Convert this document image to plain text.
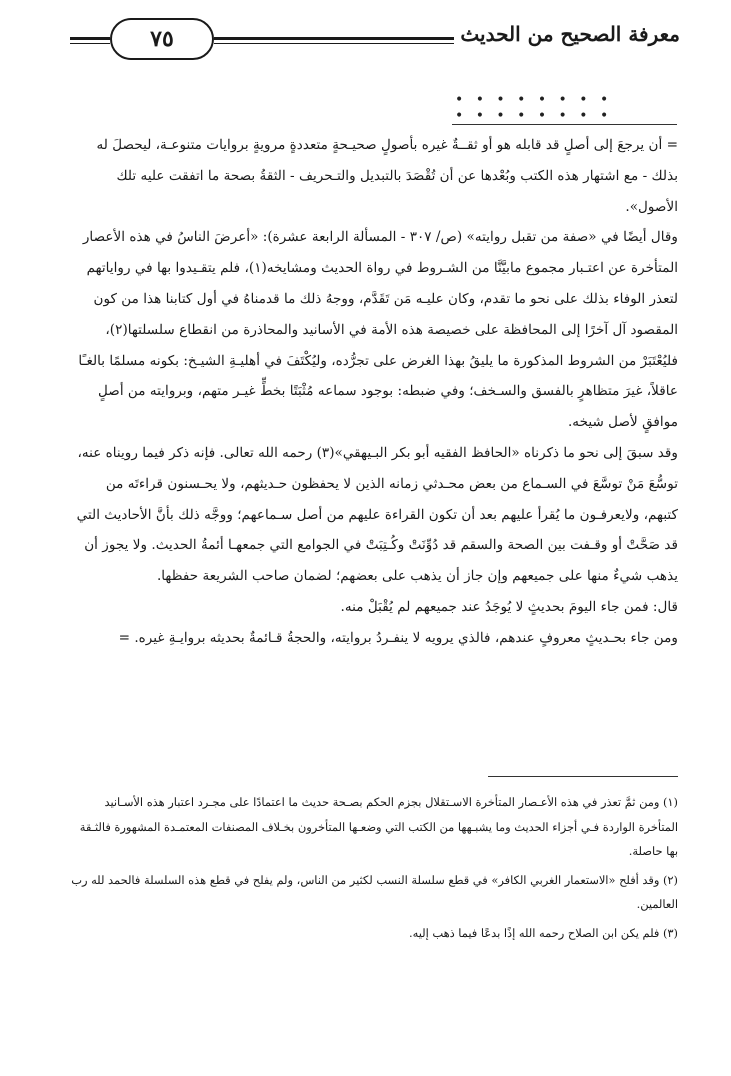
٧٥	معرفة الصحيح من الحديث
• • • • • • • • • • • • • • • •

= أن يرجعَ إلى أصلٍ قد قابله هو أو ثقــةٌ غيره بأصولٍ صحيـحةٍ متعددةٍ مرويةٍ بروايات متنوعـة، ليحصلَ له بذلك - مع اشتهار هذه الكتب وبُعْدها عن أن تُقْصَدَ بالتبديل والتـحريف - الثقةُ بصحة ما اتفقت عليه تلك الأصول».

وقال أيضًا في «صفة من تقبل روايته» (ص/ ٣٠٧ - المسألة الرابعة عشرة): «أعرضَ الناسُ في هذه الأعصار المتأخرة عن اعتـبار مجموع مابيَّنَّا من الشـروط في رواة الحديث ومشايخه(١)، فلم يتقـيدوا بها في رواياتهم لتعذر الوفاء بذلك على نحو ما تقدم، وكان عليـه مَن تَقَدَّم، ووجهُ ذلك ما قدمناهُ في أول كتابنا هذا من كون المقصود آل آخرًا إلى المحافظة على خصيصة هذه الأمة في الأسانيد والمحاذرة من انقطاع سلسلتها(٢)، فليُعْتَبَرْ من الشروط المذكورة ما يليقُ بهذا الغرض على تجرُّده، وليُكْتَفَ في أهليـةِ الشيـخ: بكونه مسلمًا بالغـًا عاقلاً، غيرَ متظاهرٍ بالفسق والسـخف؛ وفي ضبطه: بوجود سماعه مُثْبَتًا بخطٍّ غيـر متهم، وبروايته من أصلٍ موافقٍ لأصل شيخه.

وقد سبقَ إلى نحو ما ذكرناه «الحافظ الفقيه أبو بكر البـيهقي»(٣) رحمه الله تعالى. فإنه ذكر فيما رويناه عنه، توسُّعَ مَنْ توسَّعَ في السـماع من بعض محـدثي زمانه الذين لا يحفظون حـديثهم، ولا يحـسنون قراءتَه من كتبهم، ولايعرفـون ما يُقرأ عليهم بعد أن تكون القراءة عليهم من أصل سـماعهم؛ ووجَّه ذلك بأنَّ الأحاديث التي قد صَحَّتْ أو وقـفت بين الصحة والسقم قد دُوِّنَتْ وكُـتِبَتْ في الجوامع التي جمعهـا أئمةُ الحديث. ولا يجوز أن يذهب شيءٌ منها على جميعهم وإن جاز أن يذهب على بعضهم؛ لضمان صاحب الشريعة حفظها.

قال: فمن جاء اليومَ بحديثٍ لا يُوجَدُ عند جميعهم لم يُقْبَلْ منه.

ومن جاء بحـديثٍ معروفٍ عندهم، فالذي يرويه لا ينفـردُ بروايته، والحجةُ قـائمةٌ بحديثه بروايـةِ غيره. =

(١) ومن ثمَّ تعذر في هذه الأعـصار المتأخرة الاسـتقلال بجزم الحكم بصـحة حديث ما اعتمادًا على مجـرد اعتبار هذه الأسـانيد المتأخرة الواردة فـي أجزاء الحديث وما يشبـهها من الكتب التي وضعـها المتأخرون بخـلاف المصنفات المعتمـدة المشهورة فالثـقة بها حاصلة.

(٢) وقد أفلح «الاستعمار الغربي الكافر» في قطع سلسلة النسب لكثير من الناس، ولم يفلح في قطع هذه السلسلة فالحمد لله رب العالمين.

(٣) فلم يكن ابن الصلاح رحمه الله إذًا بدعًا فيما ذهب إليه.
